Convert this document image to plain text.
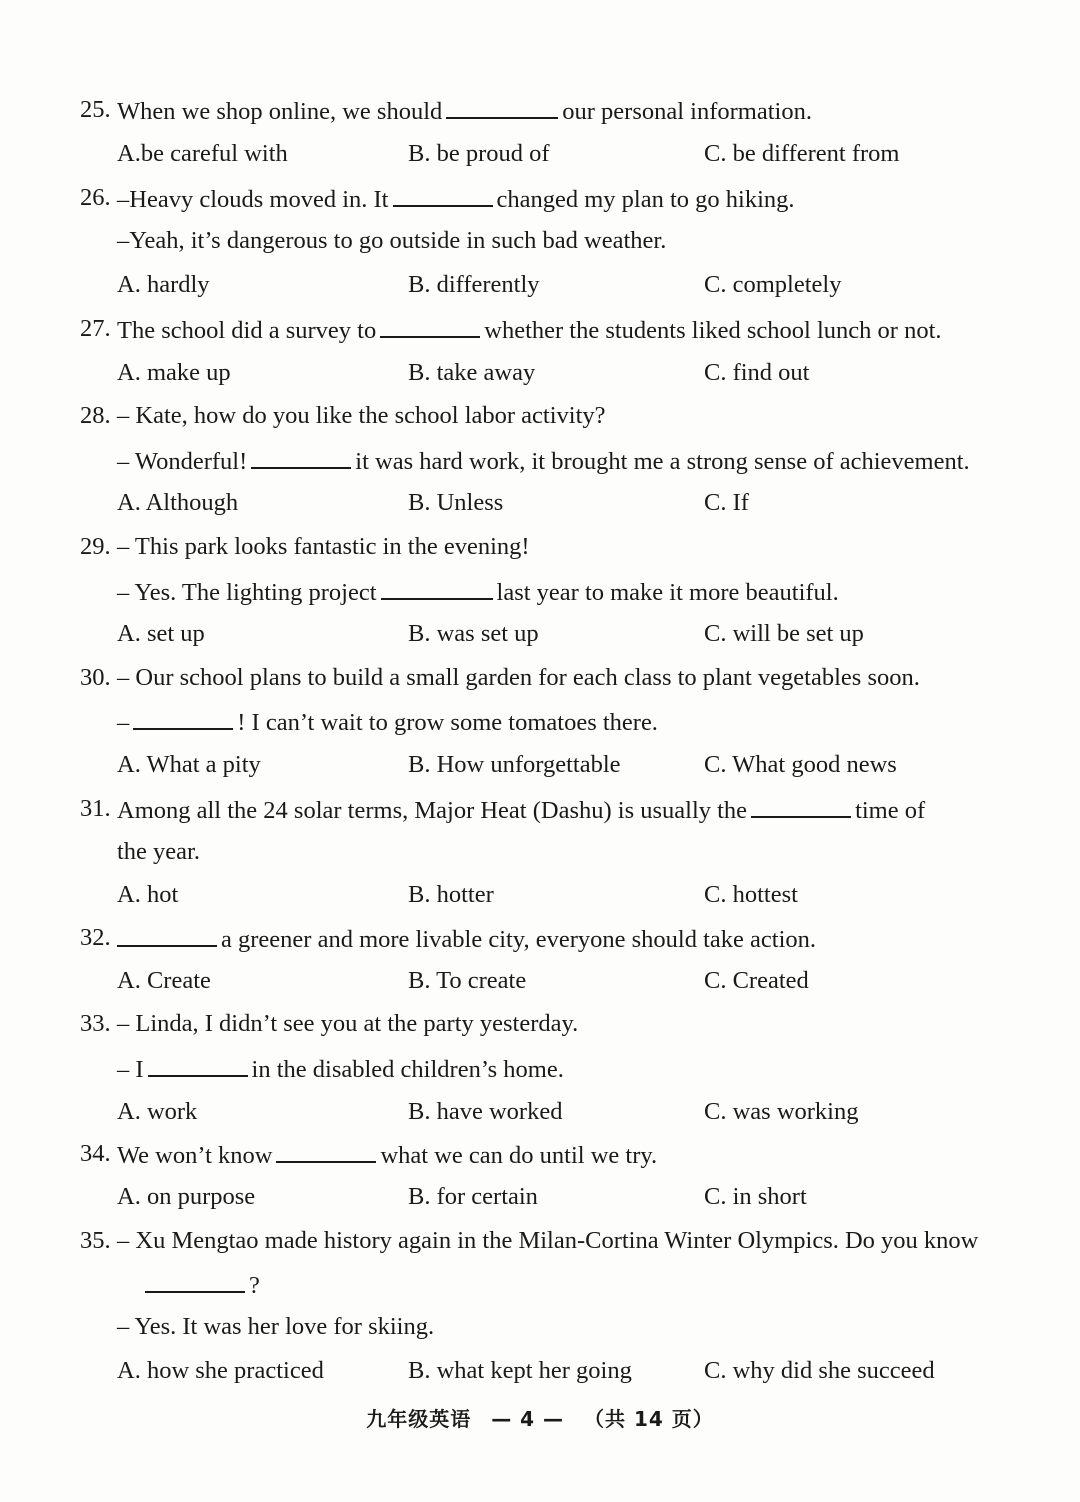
25. When we shop online, we should	our personal information.
A.be careful with	B. be proud of	C. be different from
26. –Heavy clouds moved in. It	changed my plan to go hiking.
–Yeah, it’s dangerous to go outside in such bad weather.
A. hardly	B. differently	C. completely
27. The school did a survey to	whether the students liked school lunch or not.
A. make up	B. take away	C. find out
28. – Kate, how do you like the school labor activity?
– Wonderful!	it was hard work, it brought me a strong sense of achievement.
A. Although	B. Unless	C. If
29. – This park looks fantastic in the evening!
– Yes. The lighting project	last year to make it more beautiful.
A. set up	B. was set up	C. will be set up
30. – Our school plans to build a small garden for each class to plant vegetables soon.
–	! I can’t wait to grow some tomatoes there.
A. What a pity	B. How unforgettable	C. What good news
31. Among all the 24 solar terms, Major Heat (Dashu) is usually the	time of
the year.
A. hot	B. hotter	C. hottest
32.	a greener and more livable city, everyone should take action.
A. Create	B. To create	C. Created
33. – Linda, I didn’t see you at the party yesterday.
– I	in the disabled children’s home.
A. work	B. have worked	C. was working
34. We won’t know	what we can do until we try.
A. on purpose	B. for certain	C. in short
35. – Xu Mengtao made history again in the Milan-Cortina Winter Olympics. Do you know
?
– Yes. It was her love for skiing.
A. how she practiced	B. what kept her going	C. why did she succeed
九年级英语 — 4 — （共 14 页）
